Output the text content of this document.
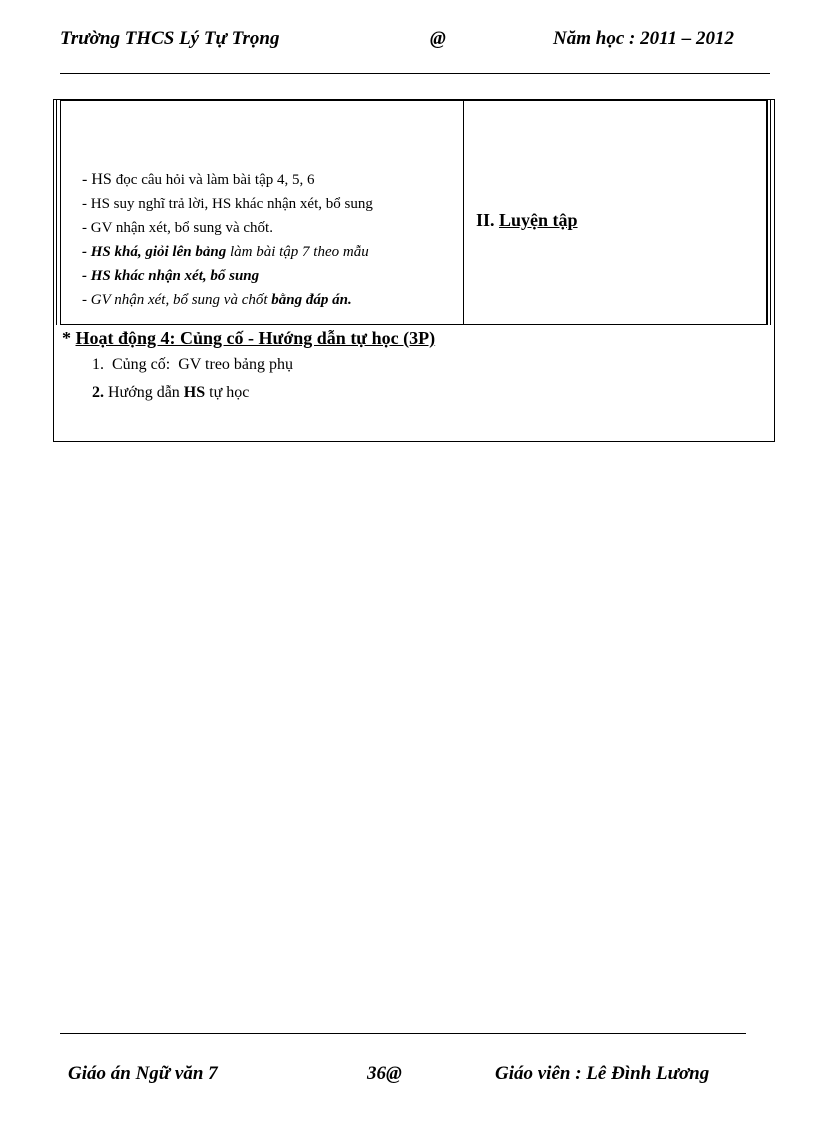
Trường THCS Lý Tự Trọng	@	Năm học : 2011 – 2012
- HS đọc câu hỏi và làm bài tập 4, 5, 6
- HS suy nghĩ trả lời, HS khác nhận xét, bổ sung
- GV nhận xét, bổ sung và chốt.
- HS khá, giỏi lên bảng làm bài tập 7 theo mẫu
- HS khác nhận xét, bổ sung
- GV nhận xét, bổ sung và chốt bằng đáp án.
II. Luyện tập
* Hoạt động 4: Củng cố - Hướng dẫn tự học (3P)
1. Củng cố: GV treo bảng phụ
2. Hướng dẫn HS tự học
Giáo án Ngữ văn 7	36@	Giáo viên : Lê Đình Lương
